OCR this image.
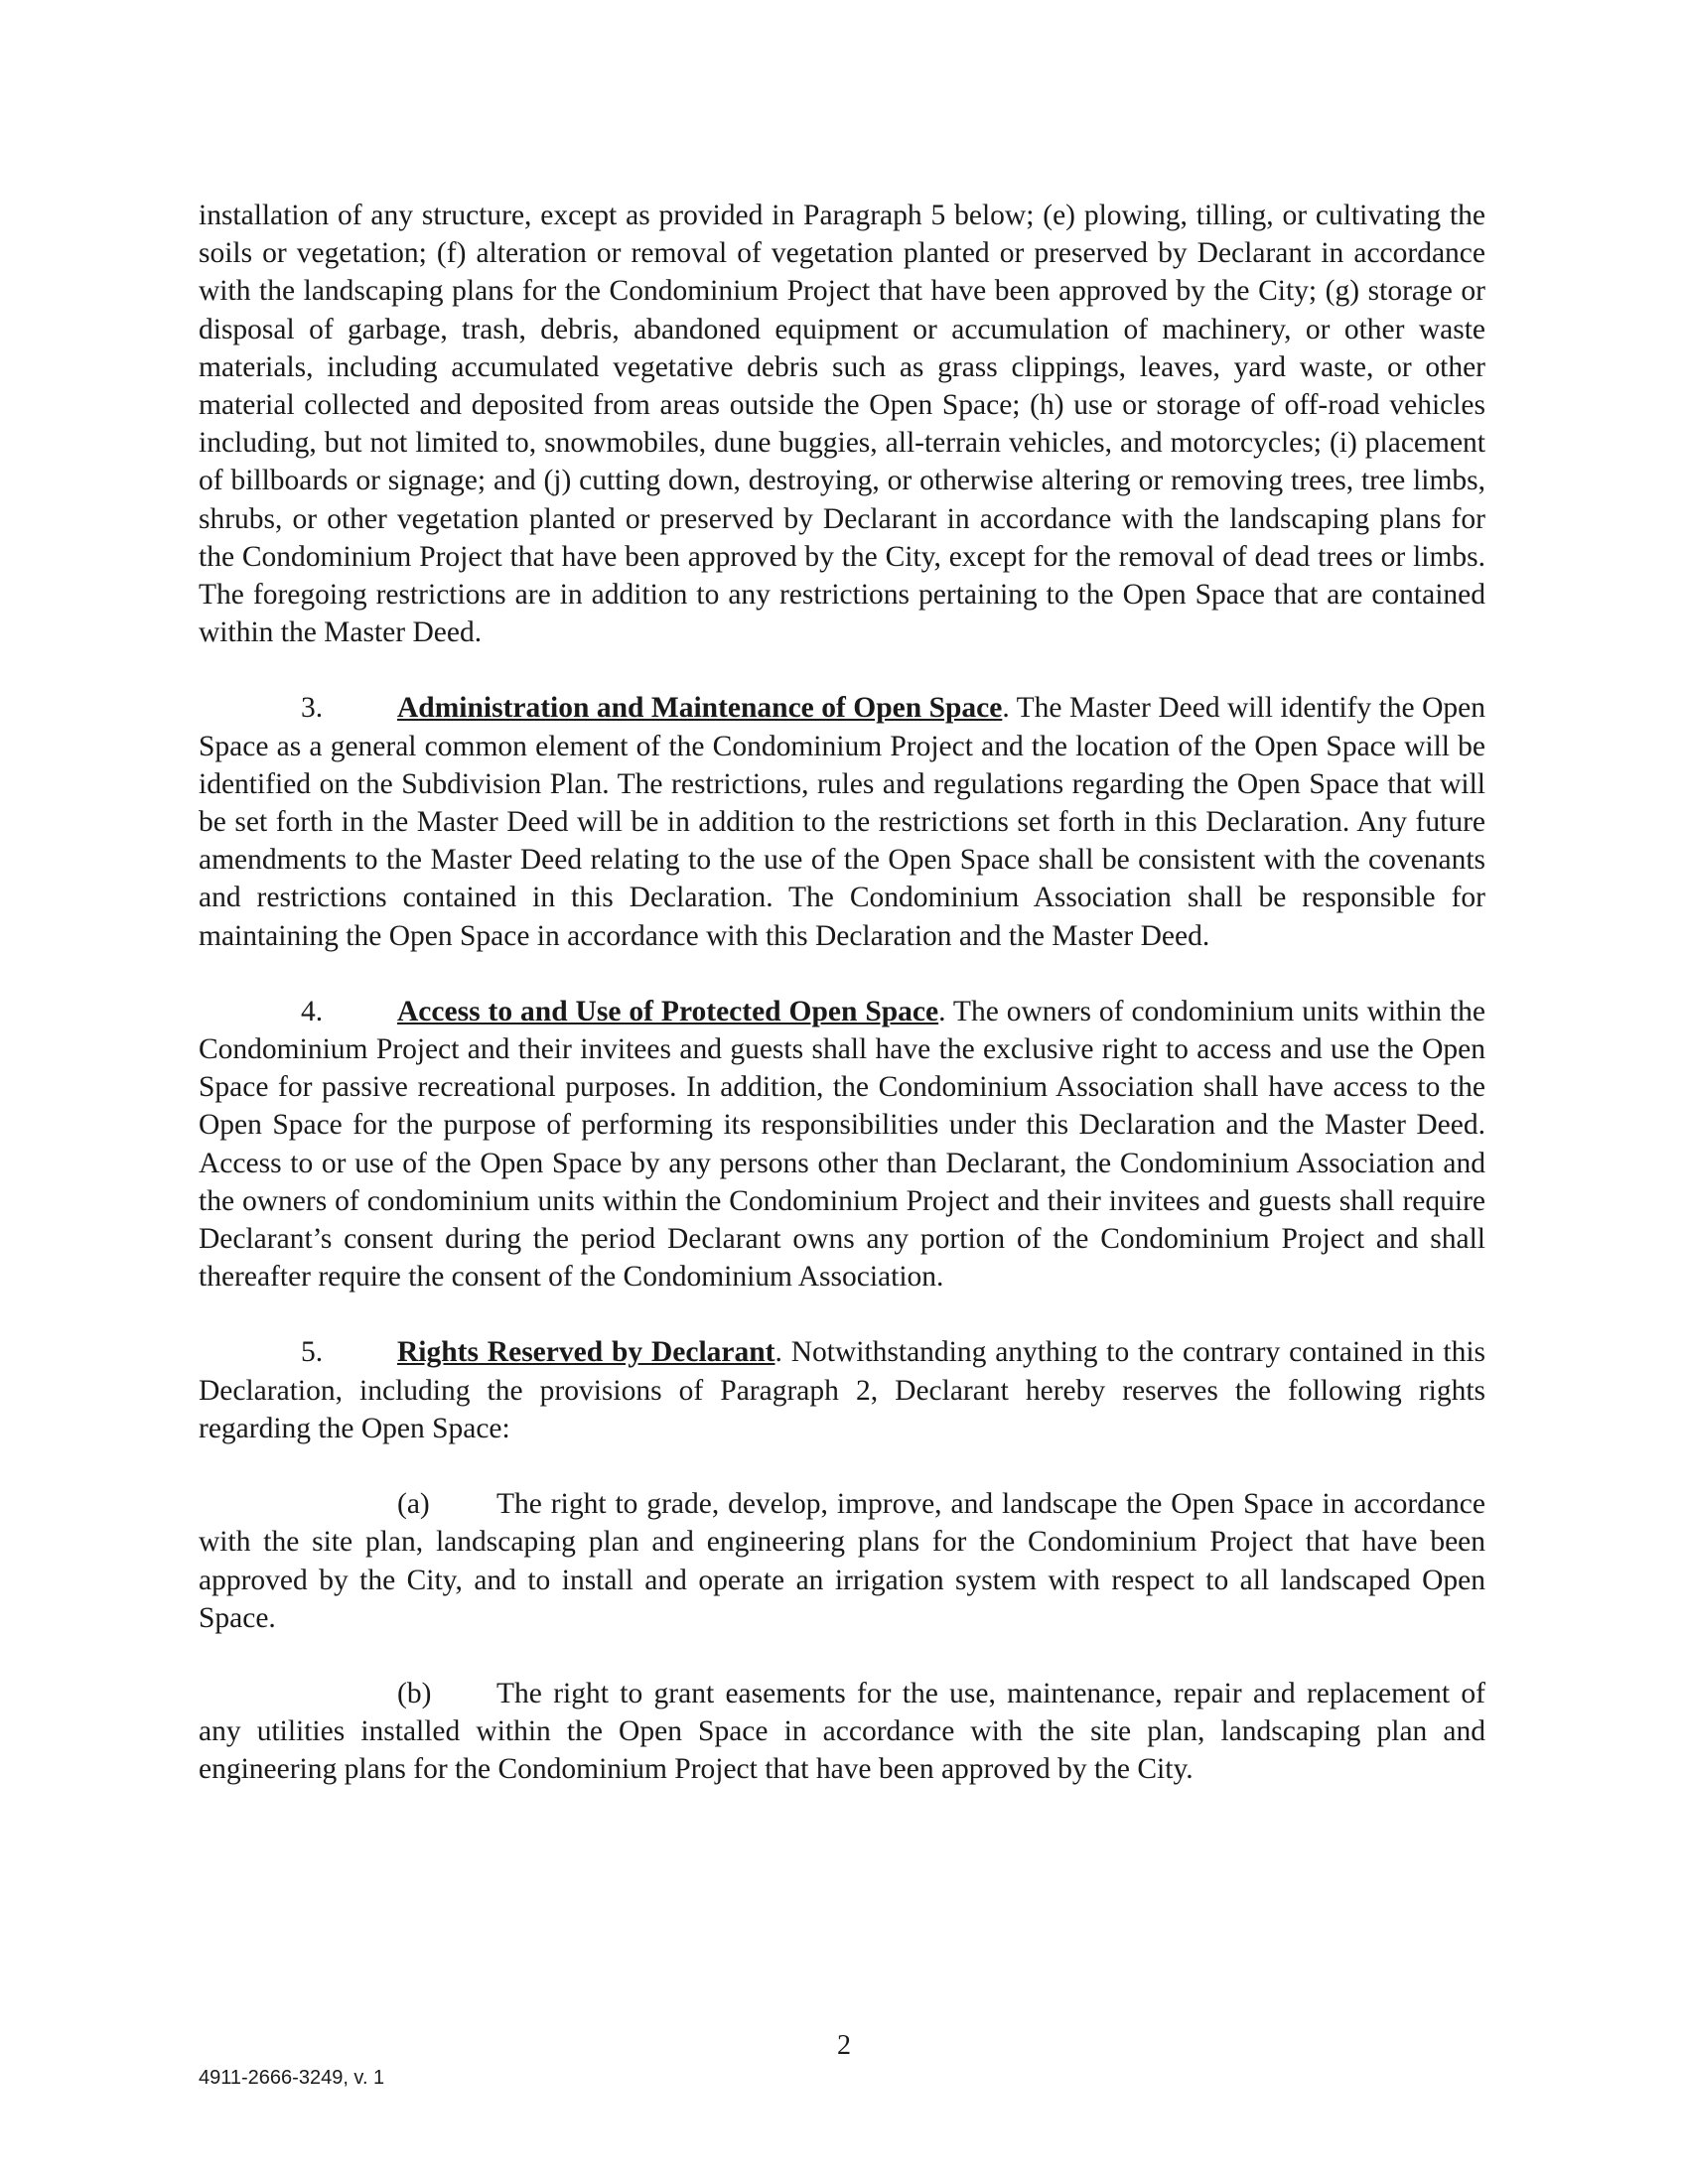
installation of any structure, except as provided in Paragraph 5 below; (e) plowing, tilling, or cultivating the soils or vegetation; (f) alteration or removal of vegetation planted or preserved by Declarant in accordance with the landscaping plans for the Condominium Project that have been approved by the City; (g) storage or disposal of garbage, trash, debris, abandoned equipment or accumulation of machinery, or other waste materials, including accumulated vegetative debris such as grass clippings, leaves, yard waste, or other material collected and deposited from areas outside the Open Space; (h) use or storage of off-road vehicles including, but not limited to, snowmobiles, dune buggies, all-terrain vehicles, and motorcycles; (i) placement of billboards or signage; and (j) cutting down, destroying, or otherwise altering or removing trees, tree limbs, shrubs, or other vegetation planted or preserved by Declarant in accordance with the landscaping plans for the Condominium Project that have been approved by the City, except for the removal of dead trees or limbs. The foregoing restrictions are in addition to any restrictions pertaining to the Open Space that are contained within the Master Deed.

3.	Administration and Maintenance of Open Space. The Master Deed will identify the Open Space as a general common element of the Condominium Project and the location of the Open Space will be identified on the Subdivision Plan. The restrictions, rules and regulations regarding the Open Space that will be set forth in the Master Deed will be in addition to the restrictions set forth in this Declaration. Any future amendments to the Master Deed relating to the use of the Open Space shall be consistent with the covenants and restrictions contained in this Declaration. The Condominium Association shall be responsible for maintaining the Open Space in accordance with this Declaration and the Master Deed.

4.	Access to and Use of Protected Open Space. The owners of condominium units within the Condominium Project and their invitees and guests shall have the exclusive right to access and use the Open Space for passive recreational purposes. In addition, the Condominium Association shall have access to the Open Space for the purpose of performing its responsibilities under this Declaration and the Master Deed. Access to or use of the Open Space by any persons other than Declarant, the Condominium Association and the owners of condominium units within the Condominium Project and their invitees and guests shall require Declarant’s consent during the period Declarant owns any portion of the Condominium Project and shall thereafter require the consent of the Condominium Association.

5.	Rights Reserved by Declarant. Notwithstanding anything to the contrary contained in this Declaration, including the provisions of Paragraph 2, Declarant hereby reserves the following rights regarding the Open Space:

(a) The right to grade, develop, improve, and landscape the Open Space in accordance with the site plan, landscaping plan and engineering plans for the Condominium Project that have been approved by the City, and to install and operate an irrigation system with respect to all landscaped Open Space.

(b) The right to grant easements for the use, maintenance, repair and replacement of any utilities installed within the Open Space in accordance with the site plan, landscaping plan and engineering plans for the Condominium Project that have been approved by the City.

2
4911-2666-3249, v. 1
